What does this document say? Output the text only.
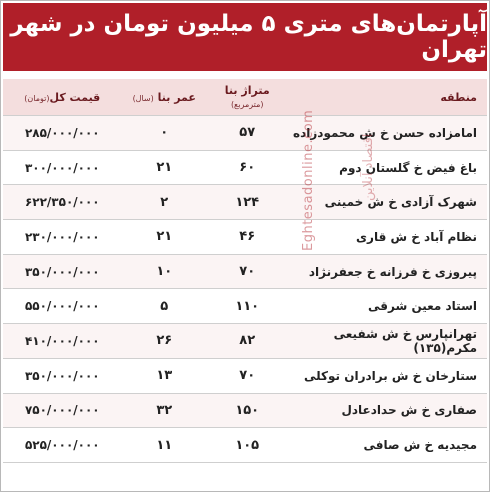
آپارتمان‌های متری ۵ میلیون تومان در شهر تهران
منطقه	متراژ بنا (مترمربع)	عمر بنا (سال)	قیمت کل(تومان)
امامزاده حسن خ ش محمودزاده	۵۷	۰	۲۸۵/۰۰۰/۰۰۰
باغ فیض خ گلستان دوم	۶۰	۲۱	۳۰۰/۰۰۰/۰۰۰
شهرک آزادی خ ش خمینی	۱۲۴	۲	۶۲۲/۳۵۰/۰۰۰
نظام آباد خ ش قاری	۴۶	۲۱	۲۳۰/۰۰۰/۰۰۰
پیروزی خ فرزانه خ جعفرنژاد	۷۰	۱۰	۳۵۰/۰۰۰/۰۰۰
استاد معین شرقی	۱۱۰	۵	۵۵۰/۰۰۰/۰۰۰
تهرانپارس خ ش شفیعی مکرم(۱۳۵)	۸۲	۲۶	۴۱۰/۰۰۰/۰۰۰
ستارخان خ ش برادران توکلی	۷۰	۱۳	۳۵۰/۰۰۰/۰۰۰
صفاری خ ش حدادعادل	۱۵۰	۳۲	۷۵۰/۰۰۰/۰۰۰
مجیدیه خ ش صافی	۱۰۵	۱۱	۵۲۵/۰۰۰/۰۰۰
Eghtesadonline.com	اقتصاد آنلاین
